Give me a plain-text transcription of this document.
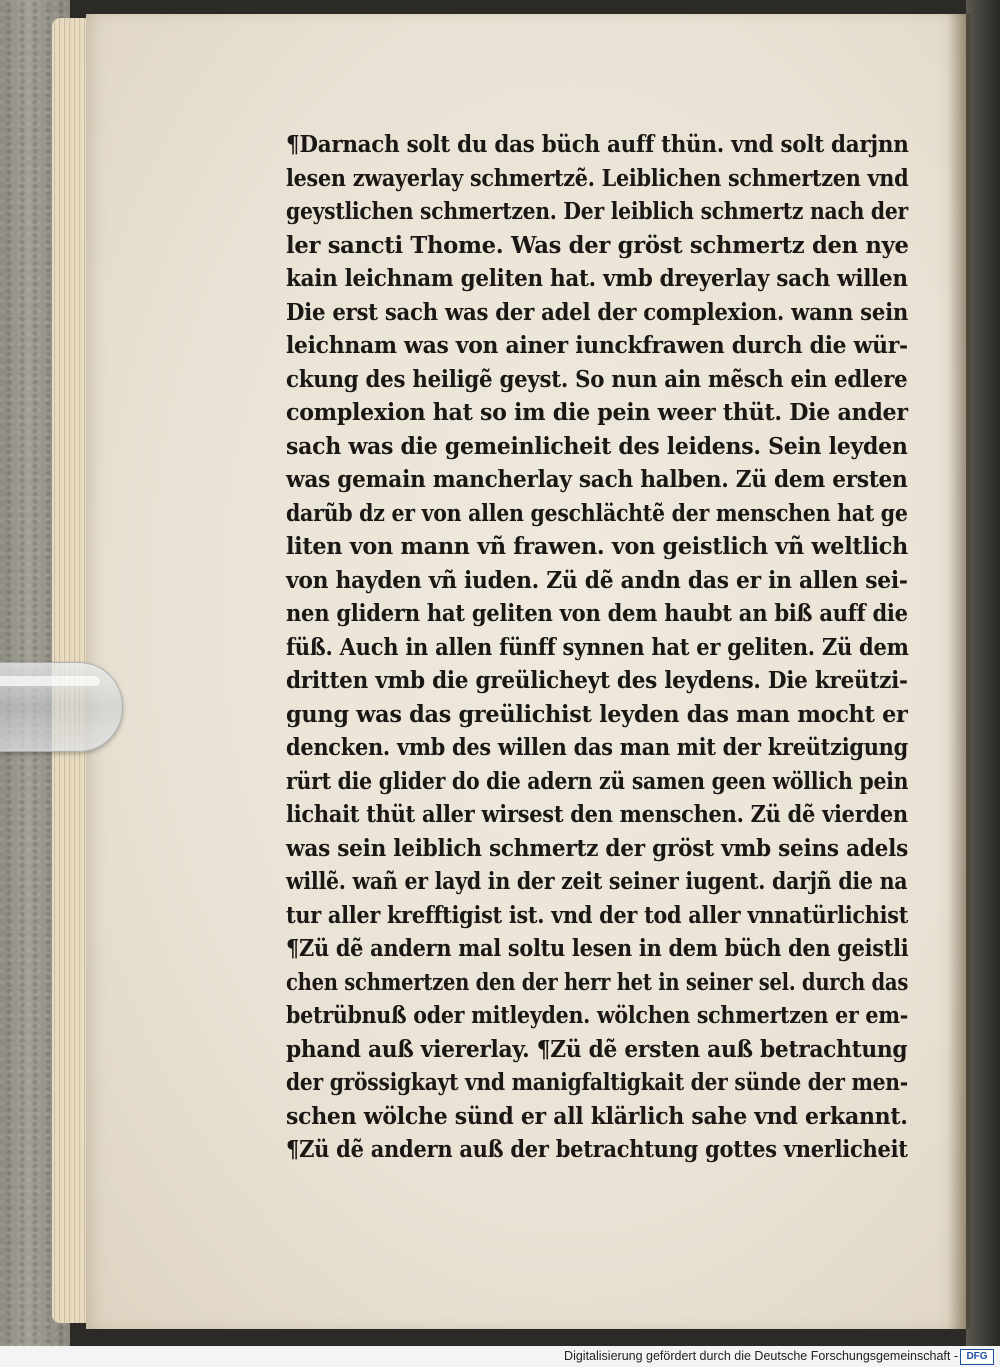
¶Darnach solt du das büch auff thün. vnd solt darjnn
lesen zwayerlay schmertzẽ. Leiblichen schmertzen vnd
geystlichen schmertzen. Der leiblich schmertz nach der
ler sancti Thome. Was der gröst schmertz den nye
kain leichnam geliten hat. vmb dreyerlay sach willen
Die erst sach was der adel der complexion. wann sein
leichnam was von ainer iunckfrawen durch die wür-
ckung des heiligẽ geyst. So nun ain mẽsch ein edlere
complexion hat so im die pein weer thüt. Die ander
sach was die gemeinlicheit des leidens. Sein leyden
was gemain mancherlay sach halben. Zü dem ersten
darũb dz er von allen geschlächtẽ der menschen hat ge
liten von mann vñ frawen. von geistlich vñ weltlich
von hayden vñ iuden. Zü dẽ andn das er in allen sei-
nen glidern hat geliten von dem haubt an biß auff die
füß. Auch in allen fünff synnen hat er geliten. Zü dem
dritten vmb die greülicheyt des leydens. Die kreützi-
gung was das greülichist leyden das man mocht er
dencken. vmb des willen das man mit der kreützigung
rürt die glider do die adern zü samen geen wöllich pein
lichait thüt aller wirsest den menschen. Zü dẽ vierden
was sein leiblich schmertz der gröst vmb seins adels
willẽ. wañ er layd in der zeit seiner iugent. darjñ die na
tur aller krefftigist ist. vnd der tod aller vnnatürlichist
¶Zü dẽ andern mal soltu lesen in dem büch den geistli
chen schmertzen den der herr het in seiner sel. durch das
betrübnuß oder mitleyden. wölchen schmertzen er em-
phand auß viererlay. ¶Zü dẽ ersten auß betrachtung
der grössigkayt vnd manigfaltigkait der sünde der men-
schen wölche sünd er all klärlich sahe vnd erkannt.
¶Zü dẽ andern auß der betrachtung gottes vnerlicheit
Digitalisierung gefördert durch die Deutsche Forschungsgemeinschaft - DFG
